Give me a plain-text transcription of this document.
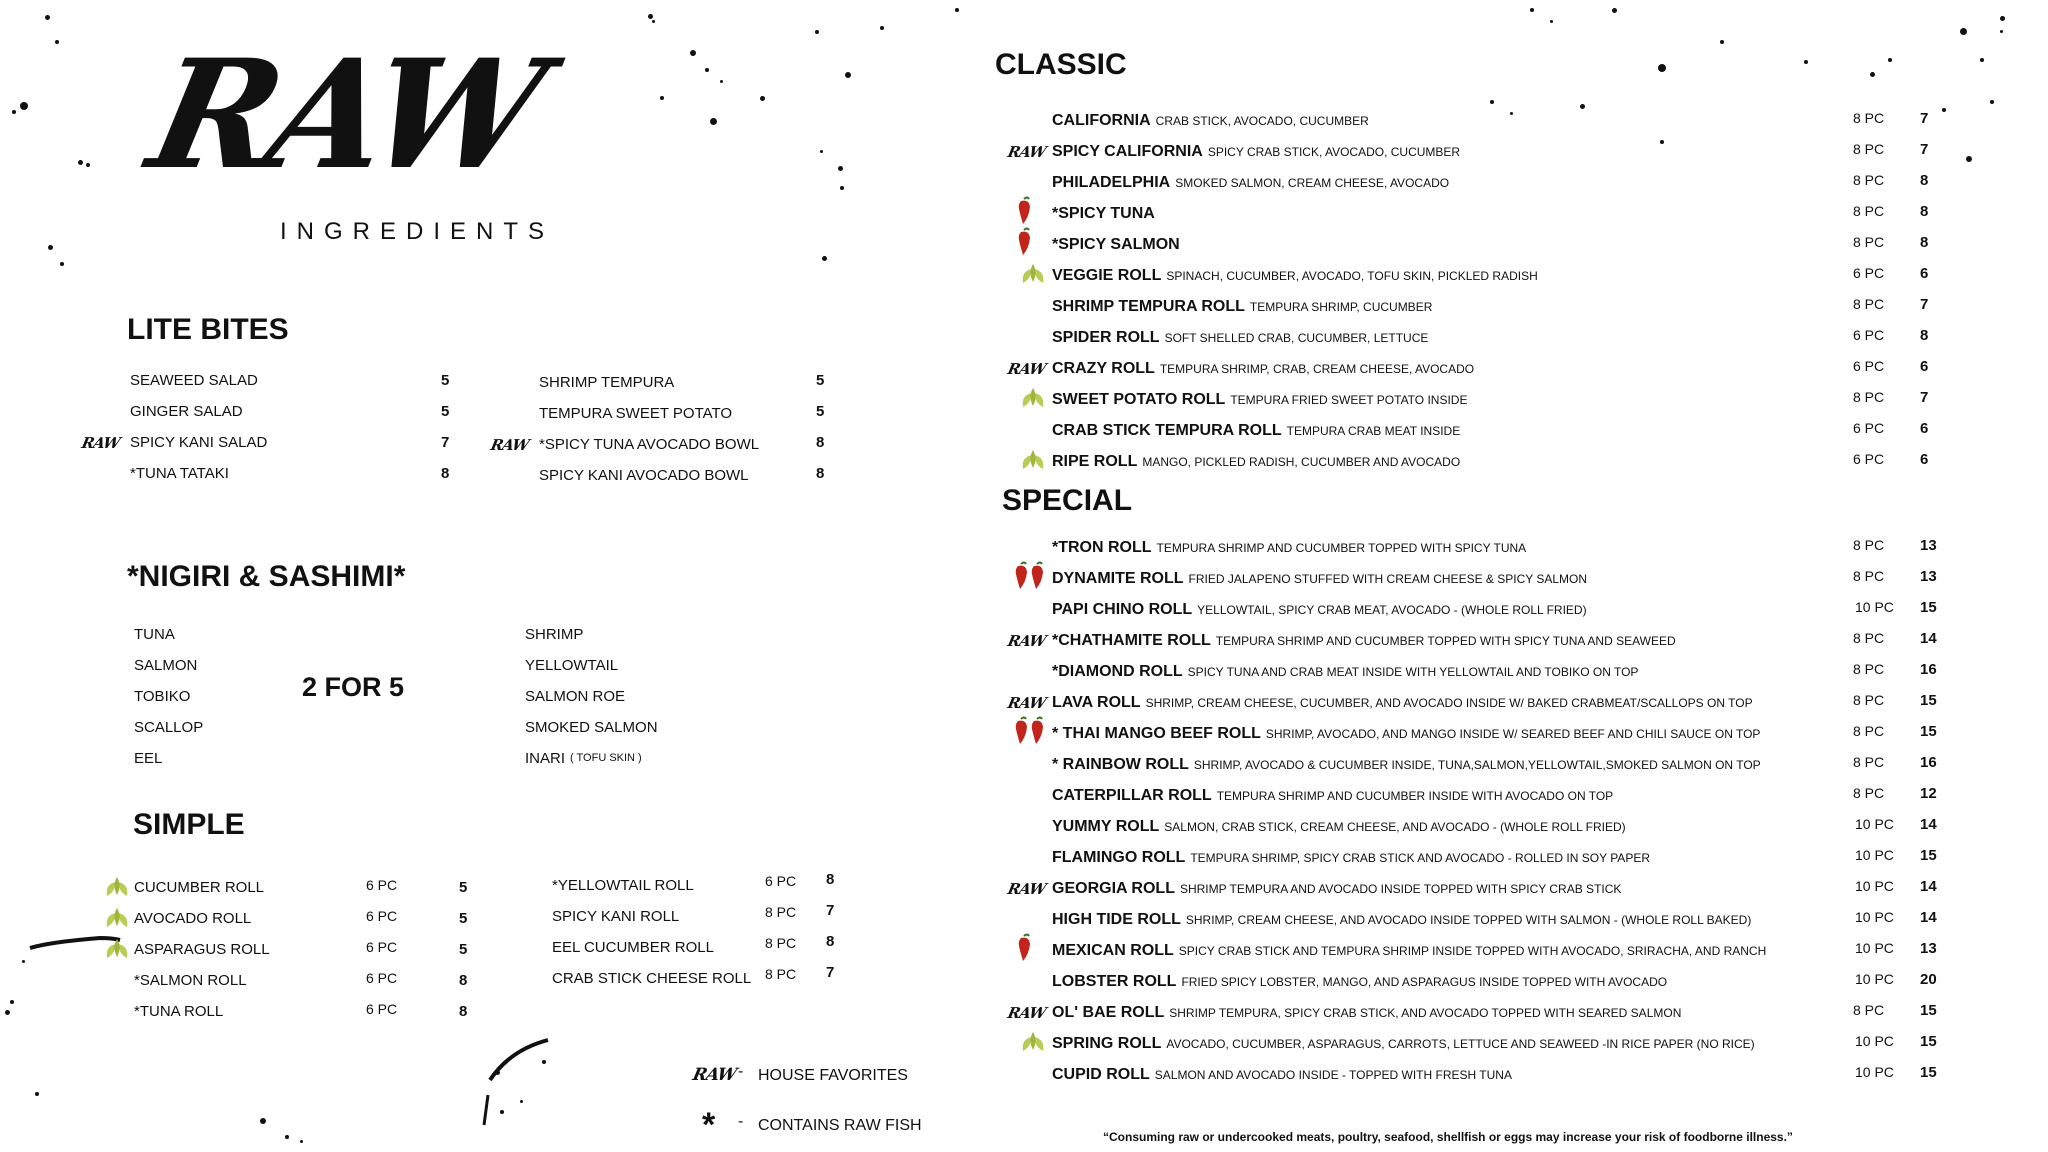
RAW
INGREDIENTS
LITE BITES
*NIGIRI & SASHIMI*
SIMPLE
CLASSIC
SPECIAL
2 FOR 5
SEAWEED SALAD	5
GINGER SALAD	5
SPICY KANI SALAD	7
RAW
*TUNA TATAKI	8
SHRIMP TEMPURA	5
TEMPURA SWEET POTATO	5
*SPICY TUNA AVOCADO BOWL	8
RAW
SPICY KANI AVOCADO BOWL	8
TUNA
SALMON
TOBIKO
SCALLOP
EEL
SHRIMP
YELLOWTAIL
SALMON ROE
SMOKED SALMON
INARI ( TOFU SKIN )
CUCUMBER ROLL	6 PC	5
AVOCADO ROLL	6 PC	5
ASPARAGUS ROLL	6 PC	5
*SALMON ROLL	6 PC	8
*TUNA ROLL	6 PC	8
*YELLOWTAIL ROLL	6 PC 8
SPICY KANI ROLL	8 PC 7
EEL CUCUMBER ROLL	8 PC 8
CRAB STICK CHEESE ROLL 8 PC 7
CALIFORNIA CRAB STICK, AVOCADO, CUCUMBER	8 PC 7
SPICY CALIFORNIA SPICY CRAB STICK, AVOCADO, CUCUMBER	8 PC 7
RAW
PHILADELPHIA SMOKED SALMON, CREAM CHEESE, AVOCADO	8 PC 8
*SPICY TUNA	8 PC 8
*SPICY SALMON	8 PC 8
VEGGIE ROLL SPINACH, CUCUMBER, AVOCADO, TOFU SKIN, PICKLED RADISH	6 PC 6
SHRIMP TEMPURA ROLL TEMPURA SHRIMP, CUCUMBER	8 PC 7
SPIDER ROLL SOFT SHELLED CRAB, CUCUMBER, LETTUCE	6 PC 8
CRAZY ROLL TEMPURA SHRIMP, CRAB, CREAM CHEESE, AVOCADO	6 PC 6
RAW
SWEET POTATO ROLL TEMPURA FRIED SWEET POTATO INSIDE	8 PC 7
CRAB STICK TEMPURA ROLL TEMPURA CRAB MEAT INSIDE	6 PC 6
RIPE ROLL MANGO, PICKLED RADISH, CUCUMBER AND AVOCADO	6 PC 6
*TRON ROLL TEMPURA SHRIMP AND CUCUMBER TOPPED WITH SPICY TUNA	8 PC 13
DYNAMITE ROLL FRIED JALAPENO STUFFED WITH CREAM CHEESE & SPICY SALMON	8 PC 13
PAPI CHINO ROLL YELLOWTAIL, SPICY CRAB MEAT, AVOCADO - (WHOLE ROLL FRIED)	10 PC 15
*CHATHAMITE ROLL TEMPURA SHRIMP AND CUCUMBER TOPPED WITH SPICY TUNA AND SEAWEED	8 PC 14
RAW
*DIAMOND ROLL SPICY TUNA AND CRAB MEAT INSIDE WITH YELLOWTAIL AND TOBIKO ON TOP	8 PC 16
LAVA ROLL SHRIMP, CREAM CHEESE, CUCUMBER, AND AVOCADO INSIDE W/ BAKED CRABMEAT/SCALLOPS ON TOP	8 PC 15
RAW
* THAI MANGO BEEF ROLL SHRIMP, AVOCADO, AND MANGO INSIDE W/ SEARED BEEF AND CHILI SAUCE ON TOP	8 PC 15
* RAINBOW ROLL SHRIMP, AVOCADO & CUCUMBER INSIDE, TUNA,SALMON,YELLOWTAIL,SMOKED SALMON ON TOP	8 PC 16
CATERPILLAR ROLL TEMPURA SHRIMP AND CUCUMBER INSIDE WITH AVOCADO ON TOP	8 PC 12
YUMMY ROLL SALMON, CRAB STICK, CREAM CHEESE, AND AVOCADO - (WHOLE ROLL FRIED)	10 PC 14
FLAMINGO ROLL TEMPURA SHRIMP, SPICY CRAB STICK AND AVOCADO - ROLLED IN SOY PAPER	10 PC 15
GEORGIA ROLL SHRIMP TEMPURA AND AVOCADO INSIDE TOPPED WITH SPICY CRAB STICK	10 PC 14
RAW
HIGH TIDE ROLL SHRIMP, CREAM CHEESE, AND AVOCADO INSIDE TOPPED WITH SALMON - (WHOLE ROLL BAKED)	10 PC 14
MEXICAN ROLL SPICY CRAB STICK AND TEMPURA SHRIMP INSIDE TOPPED WITH AVOCADO, SRIRACHA, AND RANCH	10 PC 13
LOBSTER ROLL FRIED SPICY LOBSTER, MANGO, AND ASPARAGUS INSIDE TOPPED WITH AVOCADO	10 PC 20
OL' BAE ROLL SHRIMP TEMPURA, SPICY CRAB STICK, AND AVOCADO TOPPED WITH SEARED SALMON	8 PC 15
RAW
SPRING ROLL AVOCADO, CUCUMBER, ASPARAGUS, CARROTS, LETTUCE AND SEAWEED -IN RICE PAPER (NO RICE)	10 PC 15
CUPID ROLL SALMON AND AVOCADO INSIDE - TOPPED WITH FRESH TUNA	10 PC 15
RAW - HOUSE FAVORITES
* - CONTAINS RAW FISH
“Consuming raw or undercooked meats, poultry, seafood, shellfish or eggs may increase your risk of foodborne illness.”
